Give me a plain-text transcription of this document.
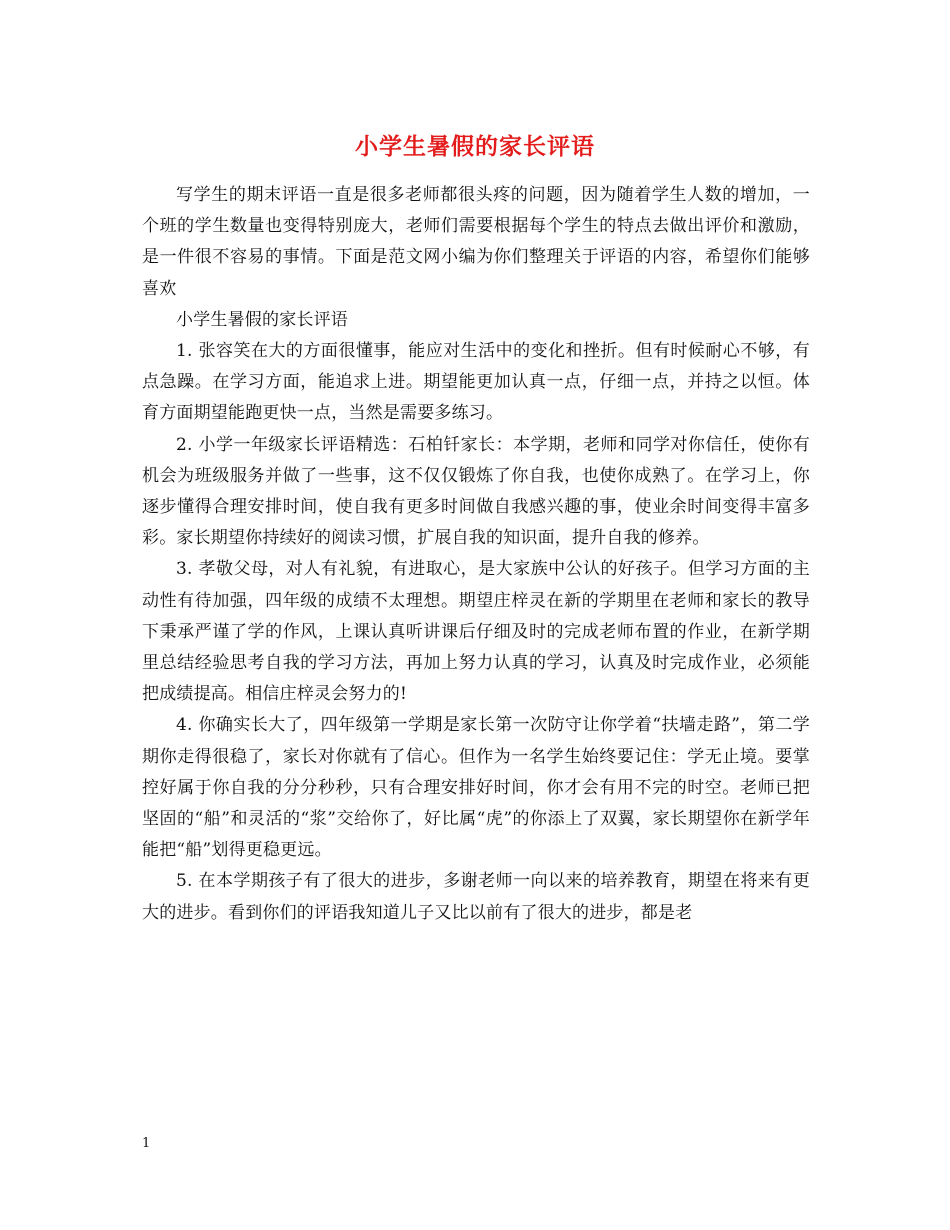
小学生暑假的家长评语

写学生的期末评语一直是很多老师都很头疼的问题，因为随着学生人数的增加，一个班的学生数量也变得特别庞大，老师们需要根据每个学生的特点去做出评价和激励，是一件很不容易的事情。下面是范文网小编为你们整理关于评语的内容，希望你们能够喜欢

小学生暑假的家长评语

1. 张容笑在大的方面很懂事，能应对生活中的变化和挫折。但有时候耐心不够，有点急躁。在学习方面，能追求上进。期望能更加认真一点，仔细一点，并持之以恒。体育方面期望能跑更快一点，当然是需要多练习。

2. 小学一年级家长评语精选：石柏钎家长：本学期，老师和同学对你信任，使你有机会为班级服务并做了一些事，这不仅仅锻炼了你自我，也使你成熟了。在学习上，你逐步懂得合理安排时间，使自我有更多时间做自我感兴趣的事，使业余时间变得丰富多彩。家长期望你持续好的阅读习惯，扩展自我的知识面，提升自我的修养。

3. 孝敬父母，对人有礼貌，有进取心，是大家族中公认的好孩子。但学习方面的主动性有待加强，四年级的成绩不太理想。期望庄梓灵在新的学期里在老师和家长的教导下秉承严谨了学的作风，上课认真听讲课后仔细及时的完成老师布置的作业，在新学期里总结经验思考自我的学习方法，再加上努力认真的学习，认真及时完成作业，必须能把成绩提高。相信庄梓灵会努力的!

4. 你确实长大了，四年级第一学期是家长第一次防守让你学着“扶墙走路”，第二学期你走得很稳了，家长对你就有了信心。但作为一名学生始终要记住：学无止境。要掌控好属于你自我的分分秒秒，只有合理安排好时间，你才会有用不完的时空。老师已把坚固的“船”和灵活的“浆”交给你了，好比属“虎”的你添上了双翼，家长期望你在新学年能把“船”划得更稳更远。

5. 在本学期孩子有了很大的进步，多谢老师一向以来的培养教育，期望在将来有更大的进步。看到你们的评语我知道儿子又比以前有了很大的进步，都是老

1
